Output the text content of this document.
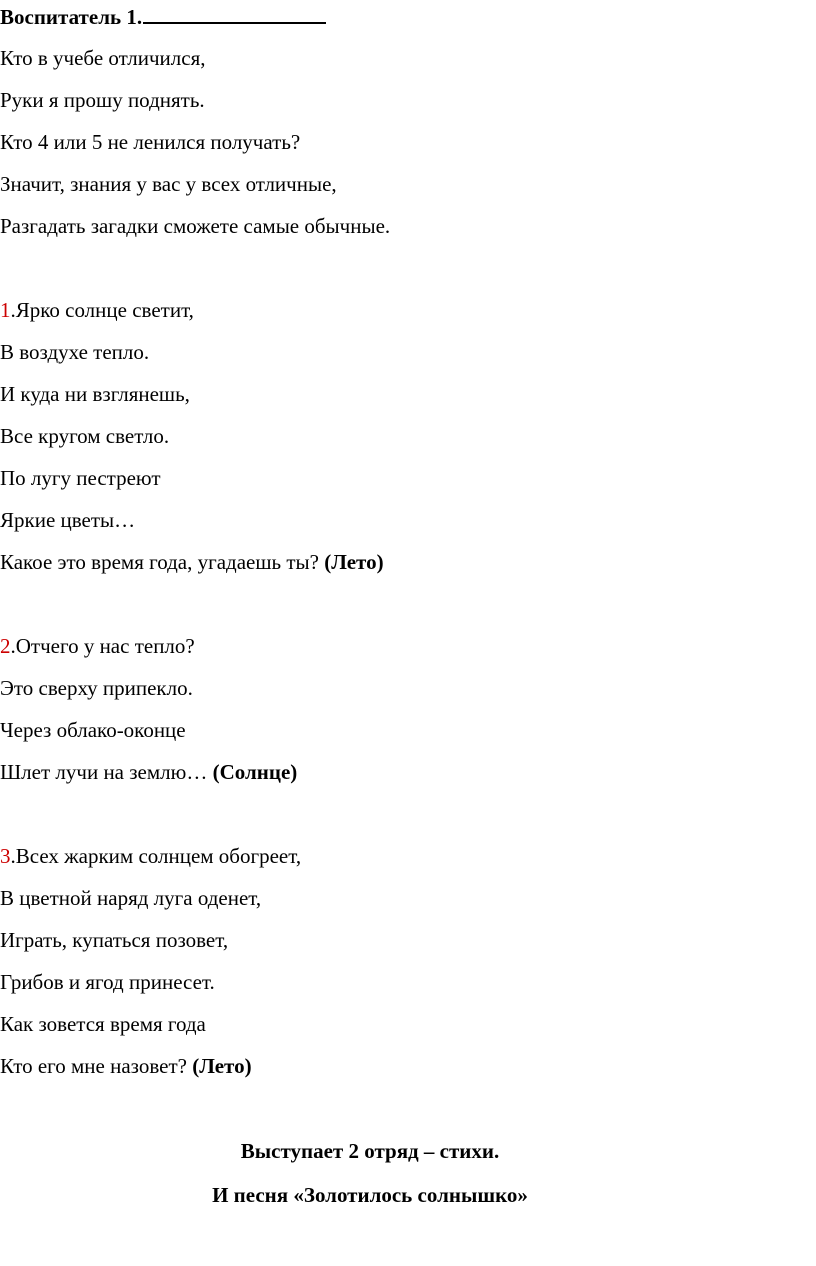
Воспитатель 1.
Кто в учебе отличился,
Руки я прошу поднять.
Кто 4 или 5 не ленился получать?
Значит, знания у вас у всех отличные,
Разгадать загадки сможете самые обычные.
1.Ярко солнце светит,
В воздухе тепло.
И куда ни взглянешь,
Все кругом светло.
По лугу пестреют
Яркие цветы…
Какое это время года, угадаешь ты? (Лето)
2.Отчего у нас тепло?
Это сверху припекло.
Через облако-оконце
Шлет лучи на землю… (Солнце)
3.Всех жарким солнцем обогреет,
В цветной наряд луга оденет,
Играть, купаться позовет,
Грибов и ягод принесет.
Как зовется время года
Кто его мне назовет? (Лето)
Выступает 2 отряд – стихи.
И песня «Золотилось солнышко»
